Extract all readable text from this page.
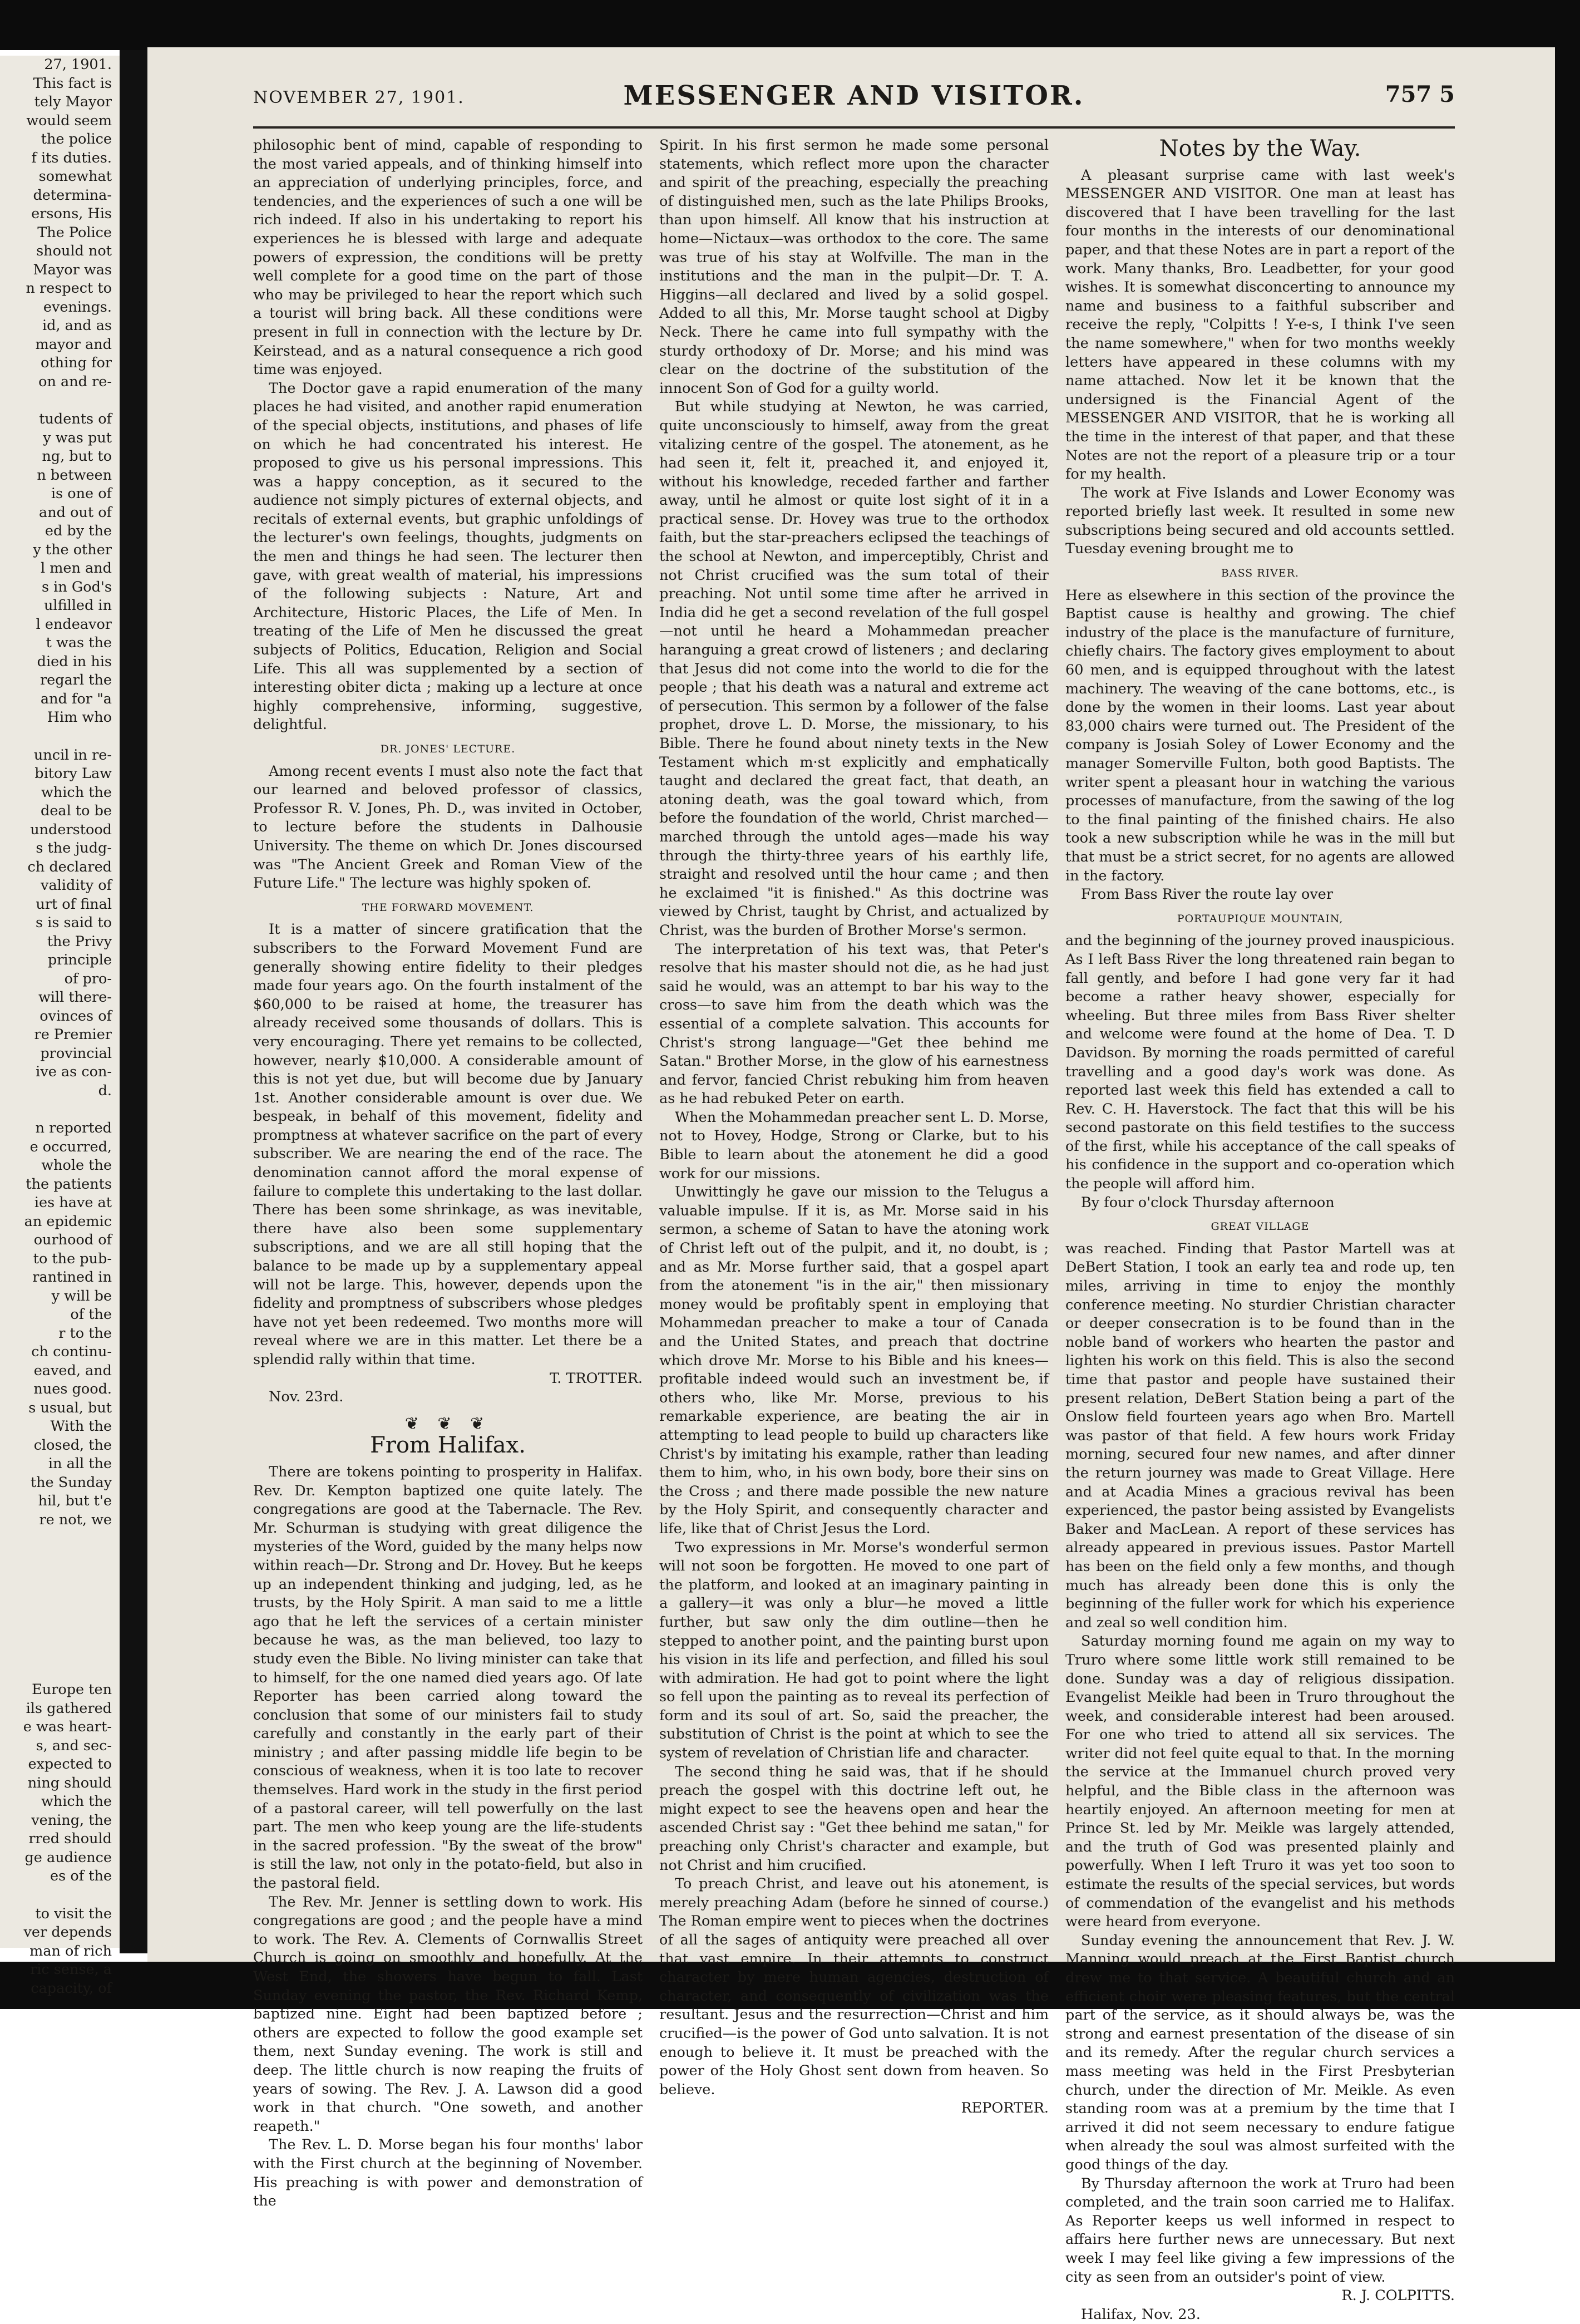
27, 1901.
This fact is
tely Mayor
would seem
the police
f its duties.
somewhat
determina-
ersons, His
The Police
should not
Mayor was
n respect to
evenings.
id, and as
mayor and
othing for
on and re-
tudents of
y was put
ng, but to
n between
is one of
and out of
ed by the
y the other
l men and
s in God's
ulfilled in
l endeavor
t was the
died in his
regarl the
and for "a
Him who
uncil in re-
bitory Law
which the
deal to be
understood
s the judg-
ch declared
validity of
urt of final
s is said to
the Privy
principle
of pro-
will there-
ovinces of
re Premier
provincial
ive as con-
d.
n reported
e occurred,
whole the
the patients
ies have at
an epidemic
ourhood of
to the pub-
rantined in
y will be
of the
r to the
ch continu-
eaved, and
nues good.
s usual, but
With the
closed, the
in all the
the Sunday
hil, but t'e
re not, we
Europe ten
ils gathered
e was heart-
s, and sec-
expected to
ning should
which the
vening, the
rred should
ge audience
es of the
to visit the
ver depends
man of rich
ric sense, a
capacity, of
NOVEMBER 27, 1901.	MESSENGER AND VISITOR.	757 5

philosophic bent of mind, capable of responding to the most varied appeals, and of thinking himself into an appreciation of underlying principles, force, and tendencies, and the experiences of such a one will be rich indeed. If also in his undertaking to report his experiences he is blessed with large and adequate powers of expression, the conditions will be pretty well complete for a good time on the part of those who may be privileged to hear the report which such a tourist will bring back. All these conditions were present in full in connection with the lecture by Dr. Keirstead, and as a natural consequence a rich good time was enjoyed.

The Doctor gave a rapid enumeration of the many places he had visited, and another rapid enumeration of the special objects, institutions, and phases of life on which he had concentrated his interest. He proposed to give us his personal impressions. This was a happy conception, as it secured to the audience not simply pictures of external objects, and recitals of external events, but graphic unfoldings of the lecturer's own feelings, thoughts, judgments on the men and things he had seen. The lecturer then gave, with great wealth of material, his impressions of the following subjects : Nature, Art and Architecture, Historic Places, the Life of Men. In treating of the Life of Men he discussed the great subjects of Politics, Education, Religion and Social Life. This all was supplemented by a section of interesting obiter dicta ; making up a lecture at once highly comprehensive, informing, suggestive, delightful.

DR. JONES' LECTURE.

Among recent events I must also note the fact that our learned and beloved professor of classics, Professor R. V. Jones, Ph. D., was invited in October, to lecture before the students in Dalhousie University. The theme on which Dr. Jones discoursed was "The Ancient Greek and Roman View of the Future Life." The lecture was highly spoken of.

THE FORWARD MOVEMENT.

It is a matter of sincere gratification that the subscribers to the Forward Movement Fund are generally showing entire fidelity to their pledges made four years ago. On the fourth instalment of the $60,000 to be raised at home, the treasurer has already received some thousands of dollars. This is very encouraging. There yet remains to be collected, however, nearly $10,000. A considerable amount of this is not yet due, but will become due by January 1st. Another considerable amount is over due. We bespeak, in behalf of this movement, fidelity and promptness at whatever sacrifice on the part of every subscriber. We are nearing the end of the race. The denomination cannot afford the moral expense of failure to complete this undertaking to the last dollar. There has been some shrinkage, as was inevitable, there have also been some supplementary subscriptions, and we are all still hoping that the balance to be made up by a supplementary appeal will not be large. This, however, depends upon the fidelity and promptness of subscribers whose pledges have not yet been redeemed. Two months more will reveal where we are in this matter. Let there be a splendid rally within that time.

T. TROTTER.

Nov. 23rd.

❦ ❦ ❦
From Halifax.

There are tokens pointing to prosperity in Halifax. Rev. Dr. Kempton baptized one quite lately. The congregations are good at the Tabernacle. The Rev. Mr. Schurman is studying with great diligence the mysteries of the Word, guided by the many helps now within reach—Dr. Strong and Dr. Hovey. But he keeps up an independent thinking and judging, led, as he trusts, by the Holy Spirit. A man said to me a little ago that he left the services of a certain minister because he was, as the man believed, too lazy to study even the Bible. No living minister can take that to himself, for the one named died years ago. Of late Reporter has been carried along toward the conclusion that some of our ministers fail to study carefully and constantly in the early part of their ministry ; and after passing middle life begin to be conscious of weakness, when it is too late to recover themselves. Hard work in the study in the first period of a pastoral career, will tell powerfully on the last part. The men who keep young are the life-students in the sacred profession. "By the sweat of the brow" is still the law, not only in the potato-field, but also in the pastoral field.

The Rev. Mr. Jenner is settling down to work. His congregations are good ; and the people have a mind to work. The Rev. A. Clements of Cornwallis Street Church is going on smoothly and hopefully. At the West End, the showers have begun to fall. Last Sunday evening the pastor, the Rev. Richard Kemp, baptized nine. Eight had been baptized before ; others are expected to follow the good example set them, next Sunday evening. The work is still and deep. The little church is now reaping the fruits of years of sowing. The Rev. J. A. Lawson did a good work in that church. "One soweth, and another reapeth."

The Rev. L. D. Morse began his four months' labor with the First church at the beginning of November. His preaching is with power and demonstration of the

Spirit. In his first sermon he made some personal statements, which reflect more upon the character and spirit of the preaching, especially the preaching of distinguished men, such as the late Philips Brooks, than upon himself. All know that his instruction at home—Nictaux—was orthodox to the core. The same was true of his stay at Wolfville. The man in the institutions and the man in the pulpit—Dr. T. A. Higgins—all declared and lived by a solid gospel. Added to all this, Mr. Morse taught school at Digby Neck. There he came into full sympathy with the sturdy orthodoxy of Dr. Morse; and his mind was clear on the doctrine of the substitution of the innocent Son of God for a guilty world.

But while studying at Newton, he was carried, quite unconsciously to himself, away from the great vitalizing centre of the gospel. The atonement, as he had seen it, felt it, preached it, and enjoyed it, without his knowledge, receded farther and farther away, until he almost or quite lost sight of it in a practical sense. Dr. Hovey was true to the orthodox faith, but the star-preachers eclipsed the teachings of the school at Newton, and imperceptibly, Christ and not Christ crucified was the sum total of their preaching. Not until some time after he arrived in India did he get a second revelation of the full gospel—not until he heard a Mohammedan preacher haranguing a great crowd of listeners ; and declaring that Jesus did not come into the world to die for the people ; that his death was a natural and extreme act of persecution. This sermon by a follower of the false prophet, drove L. D. Morse, the missionary, to his Bible. There he found about ninety texts in the New Testament which m·st explicitly and emphatically taught and declared the great fact, that death, an atoning death, was the goal toward which, from before the foundation of the world, Christ marched—marched through the untold ages—made his way through the thirty-three years of his earthly life, straight and resolved until the hour came ; and then he exclaimed "it is finished." As this doctrine was viewed by Christ, taught by Christ, and actualized by Christ, was the burden of Brother Morse's sermon.

The interpretation of his text was, that Peter's resolve that his master should not die, as he had just said he would, was an attempt to bar his way to the cross—to save him from the death which was the essential of a complete salvation. This accounts for Christ's strong language—"Get thee behind me Satan." Brother Morse, in the glow of his earnestness and fervor, fancied Christ rebuking him from heaven as he had rebuked Peter on earth.

When the Mohammedan preacher sent L. D. Morse, not to Hovey, Hodge, Strong or Clarke, but to his Bible to learn about the atonement he did a good work for our missions.

Unwittingly he gave our mission to the Telugus a valuable impulse. If it is, as Mr. Morse said in his sermon, a scheme of Satan to have the atoning work of Christ left out of the pulpit, and it, no doubt, is ; and as Mr. Morse further said, that a gospel apart from the atonement "is in the air," then missionary money would be profitably spent in employing that Mohammedan preacher to make a tour of Canada and the United States, and preach that doctrine which drove Mr. Morse to his Bible and his knees—profitable indeed would such an investment be, if others who, like Mr. Morse, previous to his remarkable experience, are beating the air in attempting to lead people to build up characters like Christ's by imitating his example, rather than leading them to him, who, in his own body, bore their sins on the Cross ; and there made possible the new nature by the Holy Spirit, and consequently character and life, like that of Christ Jesus the Lord.

Two expressions in Mr. Morse's wonderful sermon will not soon be forgotten. He moved to one part of the platform, and looked at an imaginary painting in a gallery—it was only a blur—he moved a little further, but saw only the dim outline—then he stepped to another point, and the painting burst upon his vision in its life and perfection, and filled his soul with admiration. He had got to point where the light so fell upon the painting as to reveal its perfection of form and its soul of art. So, said the preacher, the substitution of Christ is the point at which to see the system of revelation of Christian life and character.

The second thing he said was, that if he should preach the gospel with this doctrine left out, he might expect to see the heavens open and hear the ascended Christ say : "Get thee behind me satan," for preaching only Christ's character and example, but not Christ and him crucified.

To preach Christ, and leave out his atonement, is merely preaching Adam (before he sinned of course.) The Roman empire went to pieces when the doctrines of all the sages of antiquity were preached all over that vast empire. In their attempts to construct character by mere human agencies, destruction of character, and consequently of civilization was the resultant. Jesus and the resurrection—Christ and him crucified—is the power of God unto salvation. It is not enough to believe it. It must be preached with the power of the Holy Ghost sent down from heaven. So believe.

REPORTER.

Notes by the Way.

A pleasant surprise came with last week's MESSENGER AND VISITOR. One man at least has discovered that I have been travelling for the last four months in the interests of our denominational paper, and that these Notes are in part a report of the work. Many thanks, Bro. Leadbetter, for your good wishes. It is somewhat disconcerting to announce my name and business to a faithful subscriber and receive the reply, "Colpitts ! Y-e-s, I think I've seen the name somewhere," when for two months weekly letters have appeared in these columns with my name attached. Now let it be known that the undersigned is the Financial Agent of the MESSENGER AND VISITOR, that he is working all the time in the interest of that paper, and that these Notes are not the report of a pleasure trip or a tour for my health.

The work at Five Islands and Lower Economy was reported briefly last week. It resulted in some new subscriptions being secured and old accounts settled. Tuesday evening brought me to

BASS RIVER.

Here as elsewhere in this section of the province the Baptist cause is healthy and growing. The chief industry of the place is the manufacture of furniture, chiefly chairs. The factory gives employment to about 60 men, and is equipped throughout with the latest machinery. The weaving of the cane bottoms, etc., is done by the women in their looms. Last year about 83,000 chairs were turned out. The President of the company is Josiah Soley of Lower Economy and the manager Somerville Fulton, both good Baptists. The writer spent a pleasant hour in watching the various processes of manufacture, from the sawing of the log to the final painting of the finished chairs. He also took a new subscription while he was in the mill but that must be a strict secret, for no agents are allowed in the factory.

From Bass River the route lay over

PORTAUPIQUE MOUNTAIN,

and the beginning of the journey proved inauspicious. As I left Bass River the long threatened rain began to fall gently, and before I had gone very far it had become a rather heavy shower, especially for wheeling. But three miles from Bass River shelter and welcome were found at the home of Dea. T. D Davidson. By morning the roads permitted of careful travelling and a good day's work was done. As reported last week this field has extended a call to Rev. C. H. Haverstock. The fact that this will be his second pastorate on this field testifies to the success of the first, while his acceptance of the call speaks of his confidence in the support and co-operation which the people will afford him.

By four o'clock Thursday afternoon

GREAT VILLAGE

was reached. Finding that Pastor Martell was at DeBert Station, I took an early tea and rode up, ten miles, arriving in time to enjoy the monthly conference meeting. No sturdier Christian character or deeper consecration is to be found than in the noble band of workers who hearten the pastor and lighten his work on this field. This is also the second time that pastor and people have sustained their present relation, DeBert Station being a part of the Onslow field fourteen years ago when Bro. Martell was pastor of that field. A few hours work Friday morning, secured four new names, and after dinner the return journey was made to Great Village. Here and at Acadia Mines a gracious revival has been experienced, the pastor being assisted by Evangelists Baker and MacLean. A report of these services has already appeared in previous issues. Pastor Martell has been on the field only a few months, and though much has already been done this is only the beginning of the fuller work for which his experience and zeal so well condition him.

Saturday morning found me again on my way to Truro where some little work still remained to be done. Sunday was a day of religious dissipation. Evangelist Meikle had been in Truro throughout the week, and considerable interest had been aroused. For one who tried to attend all six services. The writer did not feel quite equal to that. In the morning the service at the Immanuel church proved very helpful, and the Bible class in the afternoon was heartily enjoyed. An afternoon meeting for men at Prince St. led by Mr. Meikle was largely attended, and the truth of God was presented plainly and powerfully. When I left Truro it was yet too soon to estimate the results of the special services, but words of commendation of the evangelist and his methods were heard from everyone.

Sunday evening the announcement that Rev. J. W. Manning would preach at the First Baptist church drew me to that service. A beautiful church and an efficient choir were pleasing features, but the central part of the service, as it should always be, was the strong and earnest presentation of the disease of sin and its remedy. After the regular church services a mass meeting was held in the First Presbyterian church, under the direction of Mr. Meikle. As even standing room was at a premium by the time that I arrived it did not seem necessary to endure fatigue when already the soul was almost surfeited with the good things of the day.

By Thursday afternoon the work at Truro had been completed, and the train soon carried me to Halifax. As Reporter keeps us well informed in respect to affairs here further news are unnecessary. But next week I may feel like giving a few impressions of the city as seen from an outsider's point of view.

R. J. COLPITTS.

Halifax, Nov. 23.
